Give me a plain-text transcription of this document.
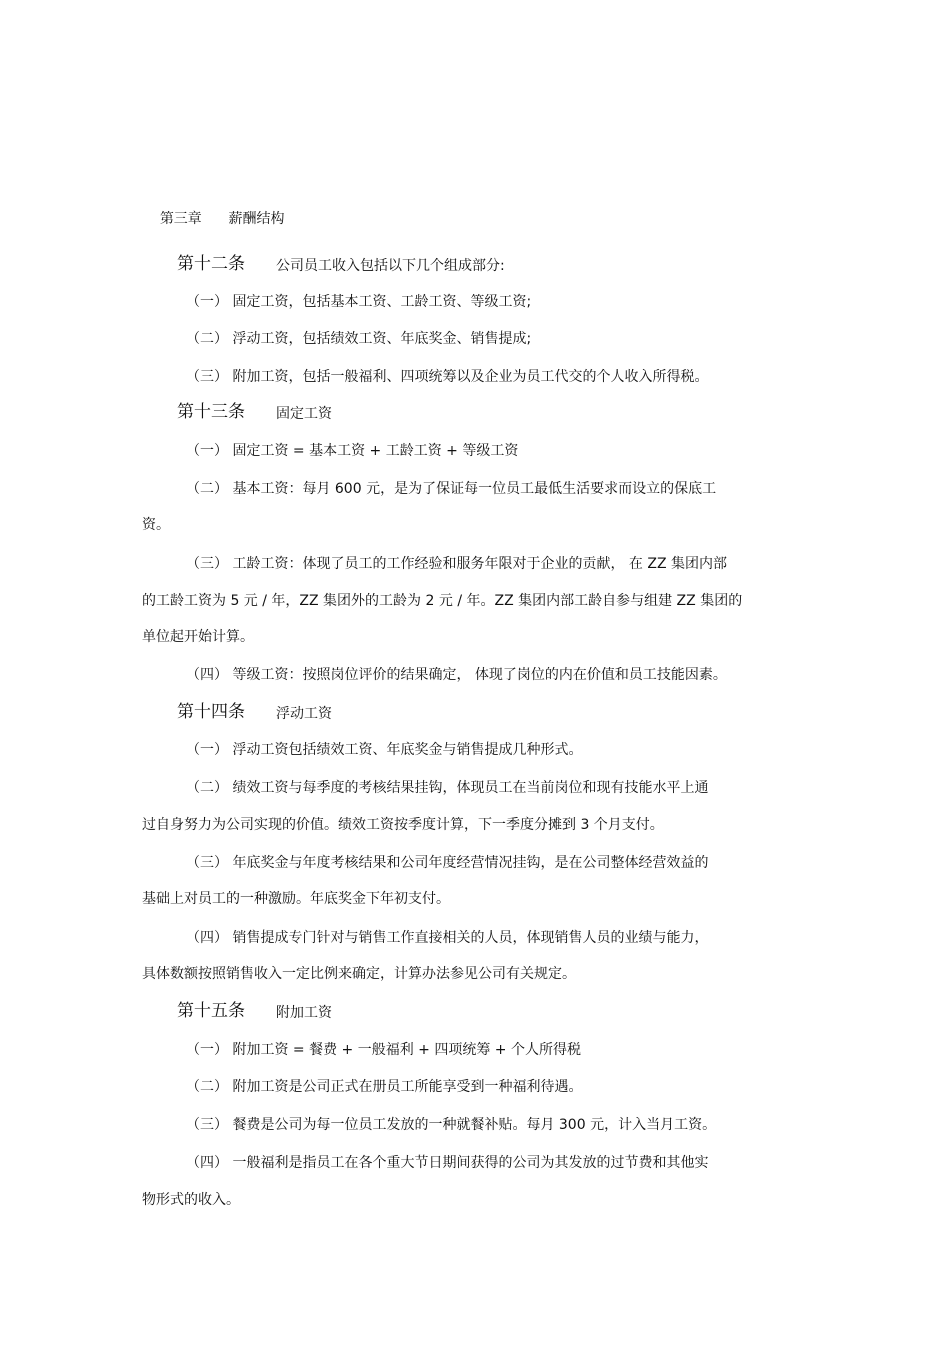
第三章 薪酬结构

第十二条 公司员工收入包括以下几个组成部分:
（一） 固定工资，包括基本工资、工龄工资、等级工资;
（二） 浮动工资，包括绩效工资、年底奖金、销售提成;
（三） 附加工资，包括一般福利、四项统筹以及企业为员工代交的个人收入所得税。
第十三条 固定工资
（一） 固定工资 = 基本工资 + 工龄工资 + 等级工资
（二） 基本工资：每月 600 元，是为了保证每一位员工最低生活要求而设立的保底工
资。
（三） 工龄工资：体现了员工的工作经验和服务年限对于企业的贡献， 在 ZZ 集团内部
的工龄工资为 5 元 / 年，ZZ 集团外的工龄为 2 元 / 年。ZZ 集团内部工龄自参与组建 ZZ 集团的
单位起开始计算。
（四） 等级工资：按照岗位评价的结果确定， 体现了岗位的内在价值和员工技能因素。
第十四条 浮动工资
（一） 浮动工资包括绩效工资、年底奖金与销售提成几种形式。
（二） 绩效工资与每季度的考核结果挂钩，体现员工在当前岗位和现有技能水平上通
过自身努力为公司实现的价值。绩效工资按季度计算，下一季度分摊到 3 个月支付。
（三） 年底奖金与年度考核结果和公司年度经营情况挂钩，是在公司整体经营效益的
基础上对员工的一种激励。年底奖金下年初支付。
（四） 销售提成专门针对与销售工作直接相关的人员，体现销售人员的业绩与能力，
具体数额按照销售收入一定比例来确定，计算办法参见公司有关规定。
第十五条 附加工资
（一） 附加工资 = 餐费 + 一般福利 + 四项统筹 + 个人所得税
（二） 附加工资是公司正式在册员工所能享受到一种福利待遇。
（三） 餐费是公司为每一位员工发放的一种就餐补贴。每月 300 元，计入当月工资。
（四） 一般福利是指员工在各个重大节日期间获得的公司为其发放的过节费和其他实
物形式的收入。
